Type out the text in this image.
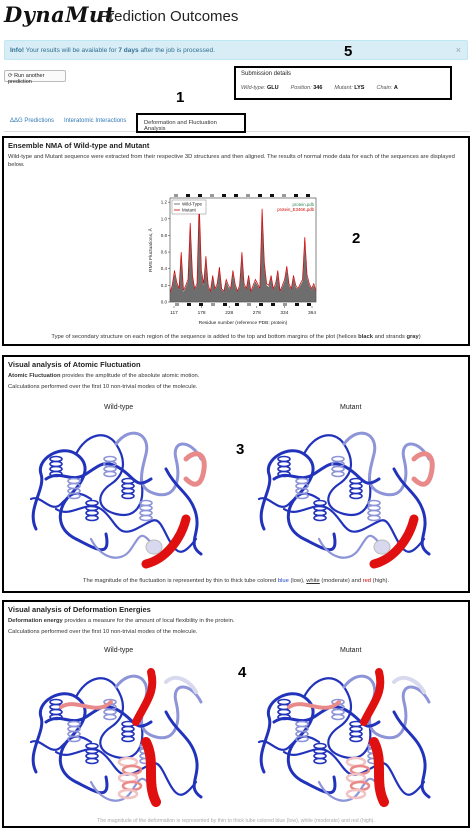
DynaMut
- Prediction Outcomes
Info! Your results will be available for 7 days after the job is processed.	×
⟳ Run another prediction
Submission details
Wild-type: GLU Position: 346 Mutant: LYS Chain: A
5
ΔΔG Predictions Interatomic Interactions	Deformation and Fluctuation Analysis
1
Ensemble NMA of Wild-type and Mutant
Wild-type and Mutant sequence were extracted from their respective 3D structures and then aligned. The results of normal mode data for each of the sequences are displayed below.
2
0.0
0.2
0.4
0.6
0.8
1.0
1.2
117	178	228	278	334	364
Residue number (reference PDB: protein)
RMS Fluctuations, Å
Wild-Type
Mutant
protein.pdb
protein_E346K.pdb
Type of secondary structure on each region of the sequence is added to the top and bottom margins of the plot (helices black and strands gray)
Visual analysis of Atomic Fluctuation
Atomic Fluctuation provides the amplitude of the absolute atomic motion.
Calculations performed over the first 10 non-trivial modes of the molecule.
Wild-type	Mutant
3
The magnitude of the fluctuation is represented by thin to thick tube colored blue (low), white (moderate) and red (high).
Visual analysis of Deformation Energies
Deformation energy provides a measure for the amount of local flexibility in the protein.
Calculations performed over the first 10 non-trivial modes of the molecule.
Wild-type	Mutant
4
The magnitude of the deformation is represented by thin to thick tube colored blue (low), white (moderate) and red (high).
